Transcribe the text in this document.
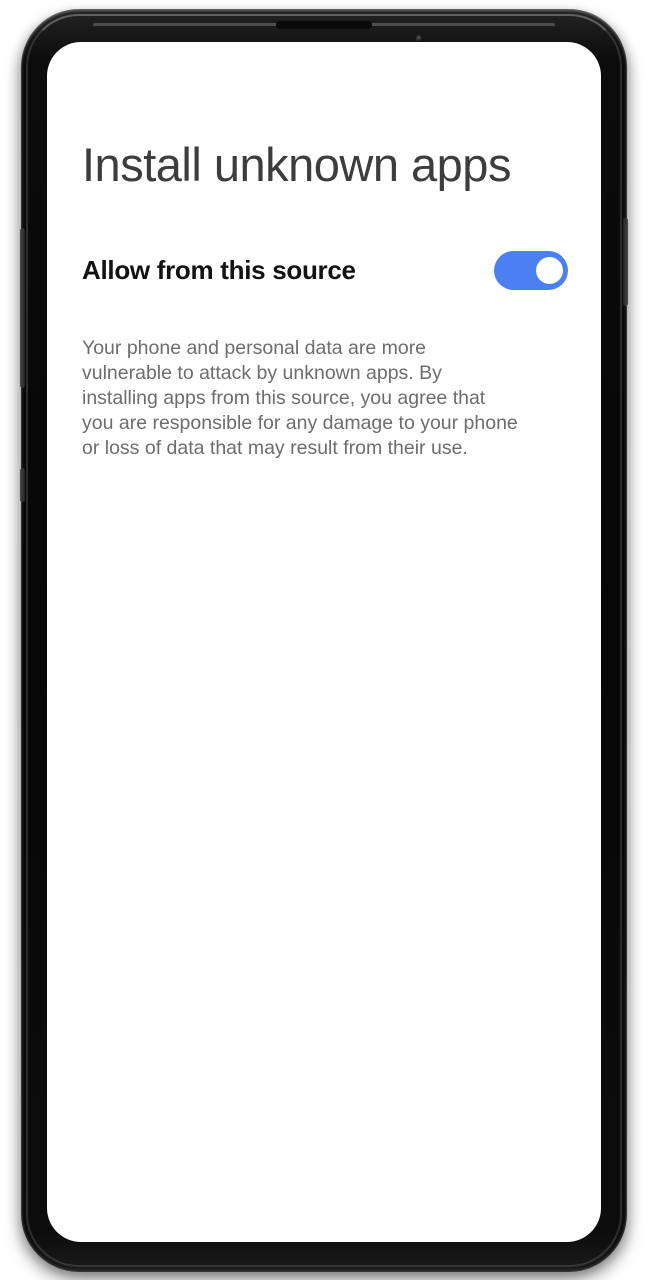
Install unknown apps
Allow from this source
Your phone and personal data are more
vulnerable to attack by unknown apps. By
installing apps from this source, you agree that
you are responsible for any damage to your phone
or loss of data that may result from their use.
